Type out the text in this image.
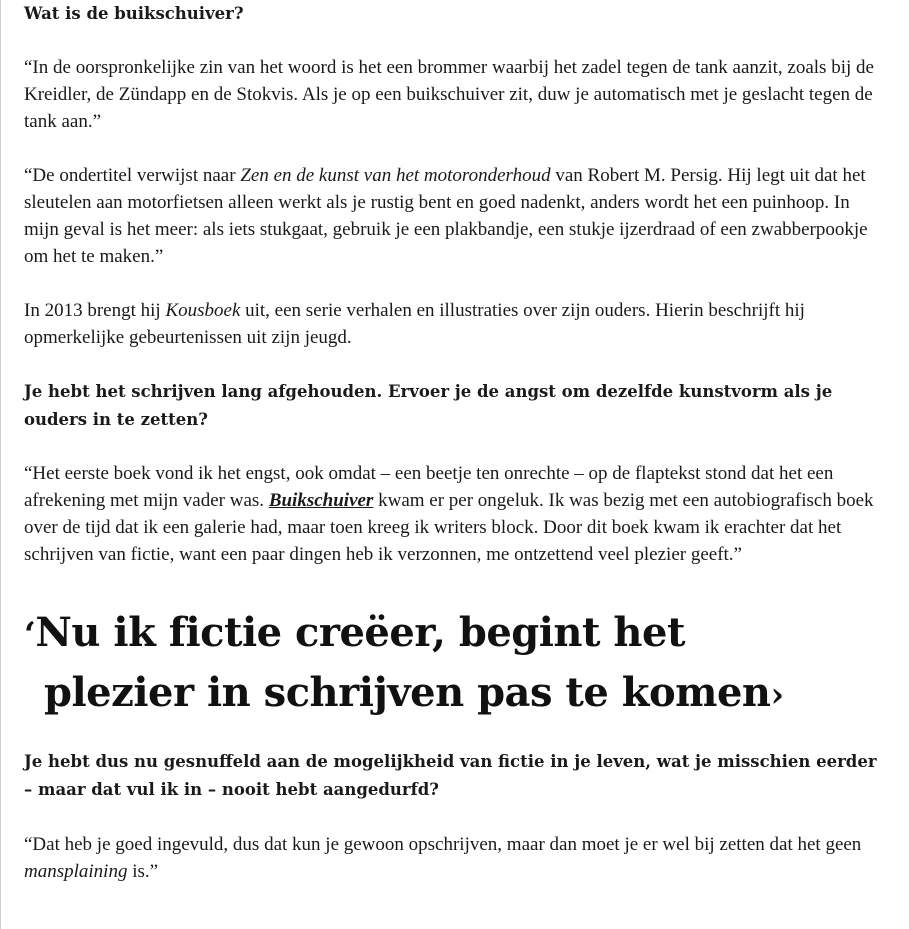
Wat is de buikschuiver?

“In de oorspronkelijke zin van het woord is het een brommer waarbij het zadel tegen de tank aanzit, zoals bij de Kreidler, de Zündapp en de Stokvis. Als je op een buikschuiver zit, duw je automatisch met je geslacht tegen de tank aan.”

“De ondertitel verwijst naar Zen en de kunst van het motoronderhoud van Robert M. Persig. Hij legt uit dat het sleutelen aan motorfietsen alleen werkt als je rustig bent en goed nadenkt, anders wordt het een puinhoop. In mijn geval is het meer: als iets stukgaat, gebruik je een plakbandje, een stukje ijzerdraad of een zwabberpookje om het te maken.”

In 2013 brengt hij Kousboek uit, een serie verhalen en illustraties over zijn ouders. Hierin beschrijft hij opmerkelijke gebeurtenissen uit zijn jeugd.

Je hebt het schrijven lang afgehouden. Ervoer je de angst om dezelfde kunstvorm als je ouders in te zetten?

“Het eerste boek vond ik het engst, ook omdat – een beetje ten onrechte – op de flaptekst stond dat het een afrekening met mijn vader was. Buikschuiver kwam er per ongeluk. Ik was bezig met een autobiografisch boek over de tijd dat ik een galerie had, maar toen kreeg ik writers block. Door dit boek kwam ik erachter dat het schrijven van fictie, want een paar dingen heb ik verzonnen, me ontzettend veel plezier geeft.”

‘Nu ik fictie creëer, begint het
plezier in schrijven pas te komen›

Je hebt dus nu gesnuffeld aan de mogelijkheid van fictie in je leven, wat je misschien eerder – maar dat vul ik in – nooit hebt aangedurfd?

“Dat heb je goed ingevuld, dus dat kun je gewoon opschrijven, maar dan moet je er wel bij zetten dat het geen mansplaining is.”
